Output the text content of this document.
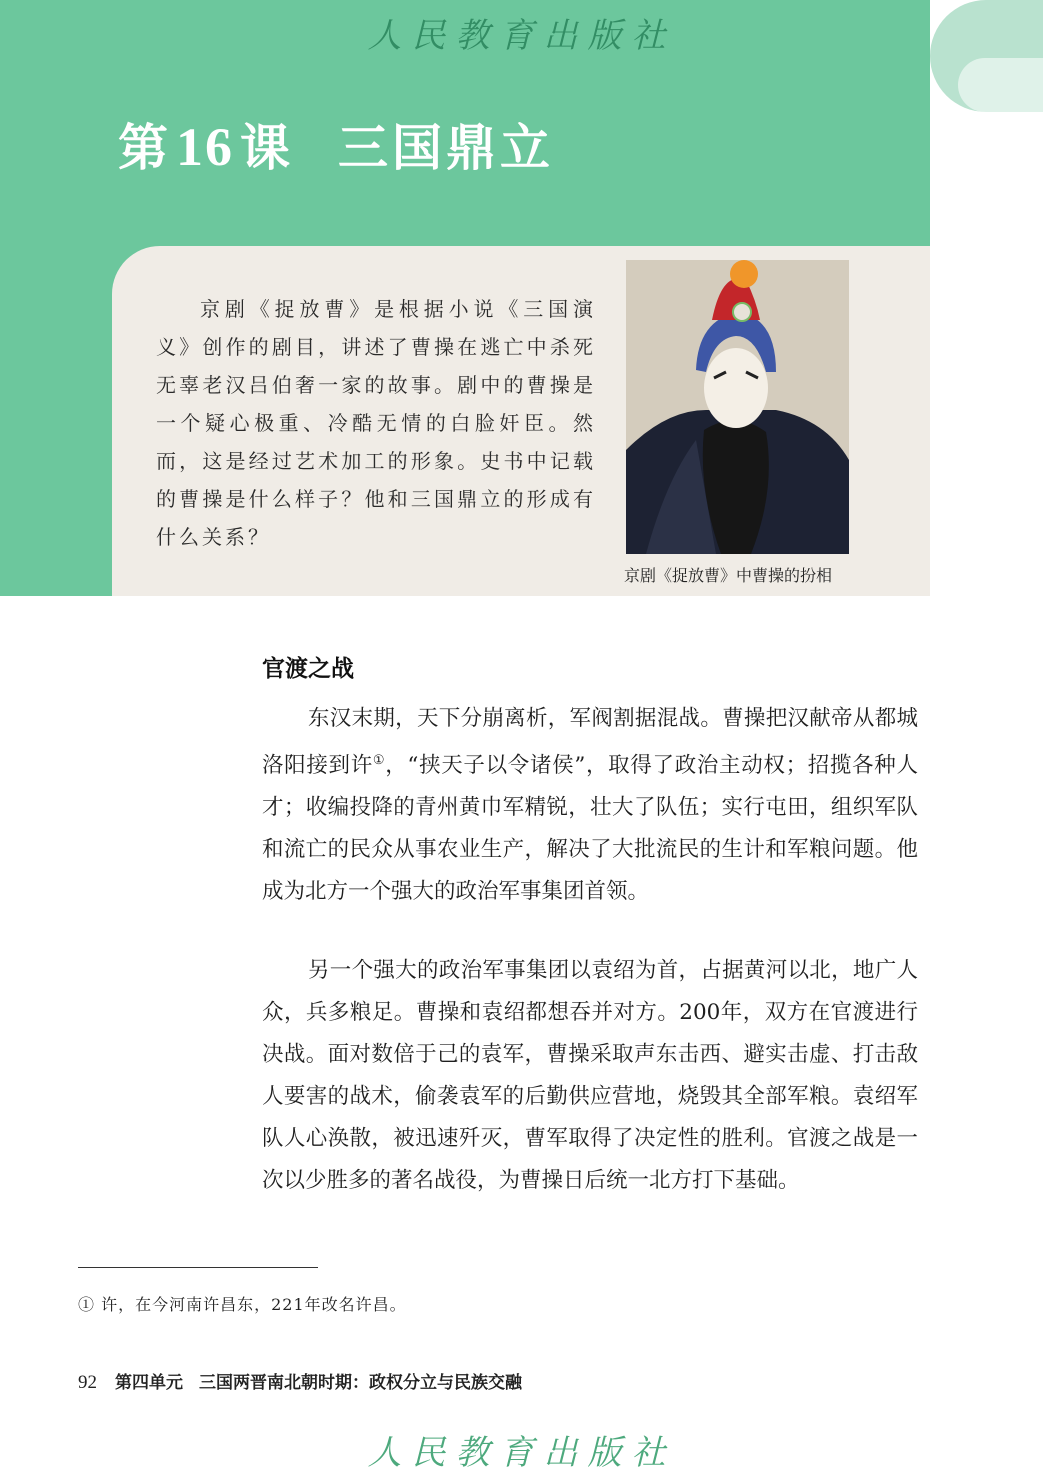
人民教育出版社
第 16 课 三国鼎立

京剧《捉放曹》是根据小说《三国演义》创作的剧目，讲述了曹操在逃亡中杀死无辜老汉吕伯奢一家的故事。剧中的曹操是一个疑心极重、冷酷无情的白脸奸臣。然而，这是经过艺术加工的形象。史书中记载的曹操是什么样子？他和三国鼎立的形成有什么关系？

京剧《捉放曹》中曹操的扮相
官渡之战

东汉末期，天下分崩离析，军阀割据混战。曹操把汉献帝从都城洛阳接到许①，“挟天子以令诸侯”，取得了政治主动权；招揽各种人才；收编投降的青州黄巾军精锐，壮大了队伍；实行屯田，组织军队和流亡的民众从事农业生产，解决了大批流民的生计和军粮问题。他成为北方一个强大的政治军事集团首领。

另一个强大的政治军事集团以袁绍为首，占据黄河以北，地广人众，兵多粮足。曹操和袁绍都想吞并对方。200年，双方在官渡进行决战。面对数倍于己的袁军，曹操采取声东击西、避实击虚、打击敌人要害的战术，偷袭袁军的后勤供应营地，烧毁其全部军粮。袁绍军队人心涣散，被迅速歼灭，曹军取得了决定性的胜利。官渡之战是一次以少胜多的著名战役，为曹操日后统一北方打下基础。

① 许，在今河南许昌东，221年改名许昌。
92 第四单元 三国两晋南北朝时期：政权分立与民族交融
人民教育出版社
